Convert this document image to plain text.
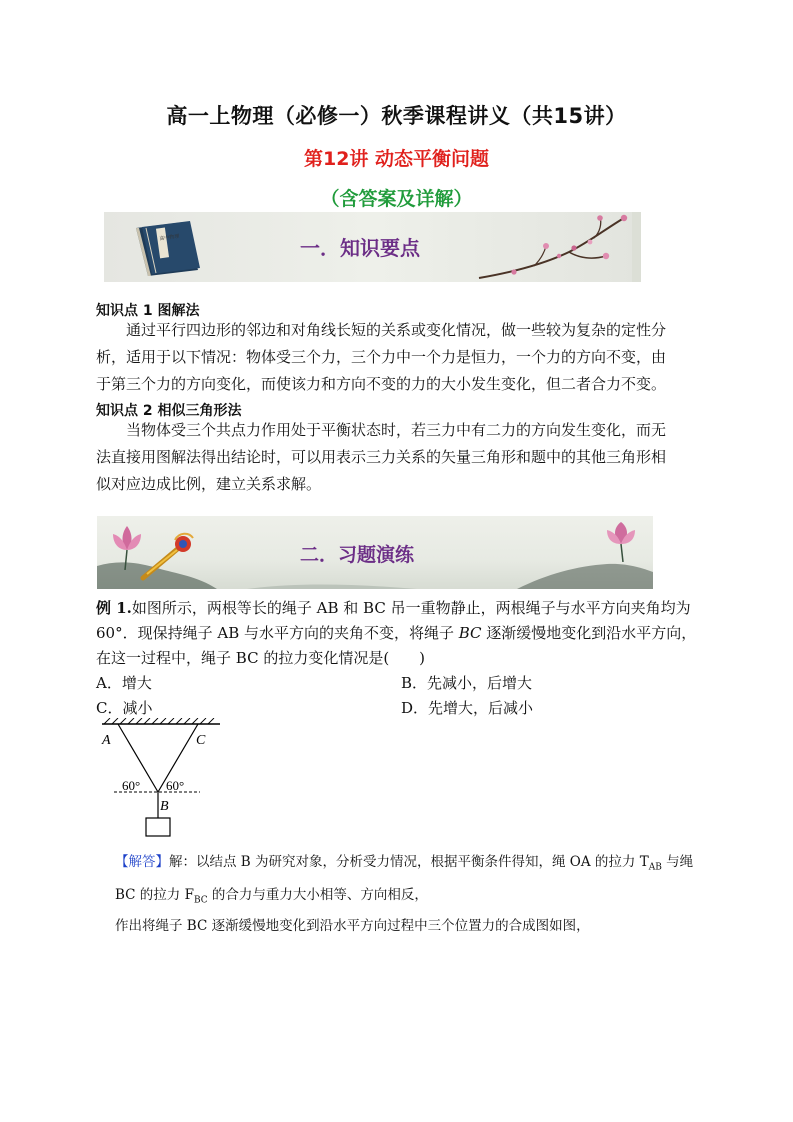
高一上物理（必修一）秋季课程讲义（共15讲）
第12讲 动态平衡问题
（含答案及详解）
高中物理	一．知识要点
知识点 1 图解法
通过平行四边形的邻边和对角线长短的关系或变化情况，做一些较为复杂的定性分
析，适用于以下情况：物体受三个力，三个力中一个力是恒力，一个力的方向不变，由
于第三个力的方向变化，而使该力和方向不变的力的大小发生变化，但二者合力不变。
知识点 2 相似三角形法
当物体受三个共点力作用处于平衡状态时，若三力中有二力的方向发生变化，而无
法直接用图解法得出结论时，可以用表示三力关系的矢量三角形和题中的其他三角形相
似对应边成比例，建立关系求解。
二．习题演练
例 1.如图所示，两根等长的绳子 AB 和 BC 吊一重物静止，两根绳子与水平方向夹角均为
60°．现保持绳子 AB 与水平方向的夹角不变，将绳子 BC 逐渐缓慢地变化到沿水平方向，
在这一过程中，绳子 BC 的拉力变化情况是(　　)
A．增大	B．先减小，后增大
C．减小	D．先增大，后减小
A	C
B
60° 60°
【解答】解：以结点 B 为研究对象，分析受力情况，根据平衡条件得知，绳 OA 的拉力 $T_{AB}$ 与绳
BC 的拉力 $F_{BC}$ 的合力与重力大小相等、方向相反，
作出将绳子 BC 逐渐缓慢地变化到沿水平方向过程中三个位置力的合成图如图，
